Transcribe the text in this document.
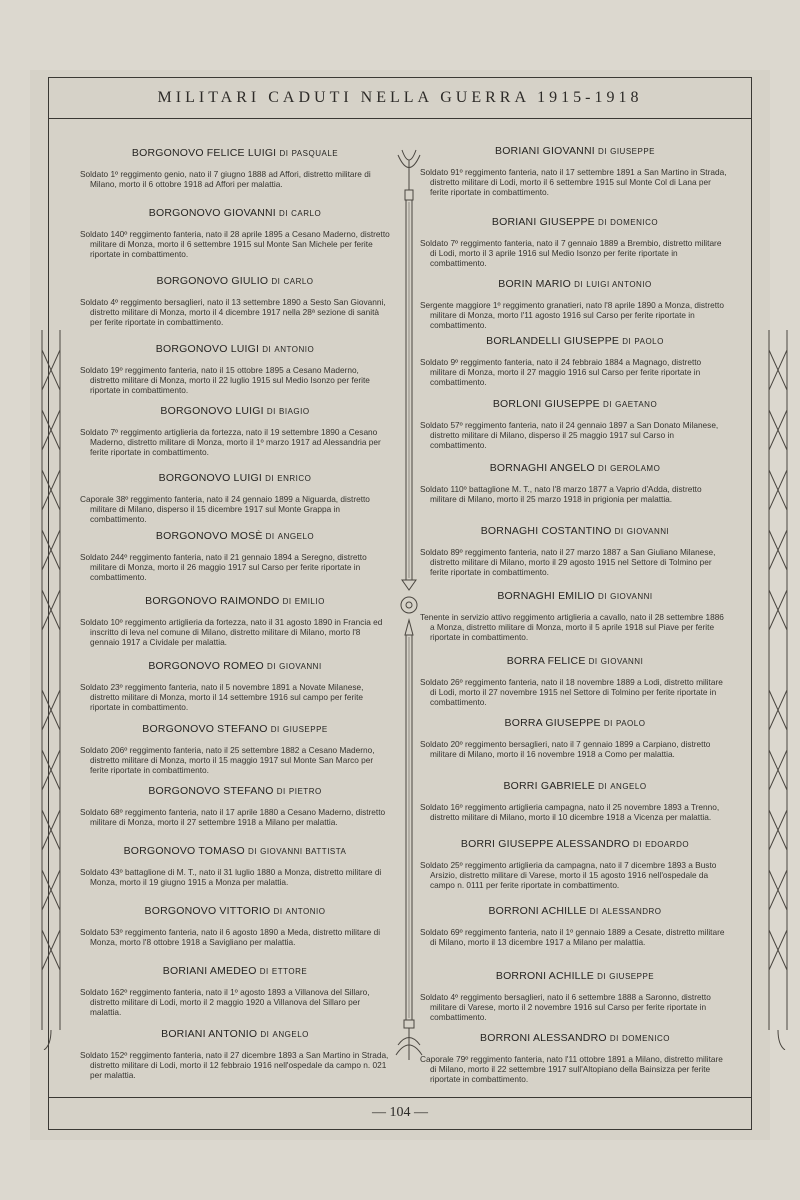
MILITARI CADUTI NELLA GUERRA 1915-1918
BORGONOVO FELICE LUIGI DI PASQUALE
Soldato 1º reggimento genio, nato il 7 giugno 1888 ad Affori, distretto militare di Milano, morto il 6 ottobre 1918 ad Affori per malattia.
BORGONOVO GIOVANNI DI CARLO
Soldato 140º reggimento fanteria, nato il 28 aprile 1895 a Cesano Maderno, distretto militare di Monza, morto il 6 settembre 1915 sul Monte San Michele per ferite riportate in combattimento.
BORGONOVO GIULIO DI CARLO
Soldato 4º reggimento bersaglieri, nato il 13 settembre 1890 a Sesto San Giovanni, distretto militare di Monza, morto il 4 dicembre 1917 nella 28ª sezione di sanità per ferite riportate in combattimento.
BORGONOVO LUIGI DI ANTONIO
Soldato 19º reggimento fanteria, nato il 15 ottobre 1895 a Cesano Maderno, distretto militare di Monza, morto il 22 luglio 1915 sul Medio Isonzo per ferite riportate in combattimento.
BORGONOVO LUIGI DI BIAGIO
Soldato 7º reggimento artiglieria da fortezza, nato il 19 settembre 1890 a Cesano Maderno, distretto militare di Monza, morto il 1º marzo 1917 ad Alessandria per ferite riportate in combattimento.
BORGONOVO LUIGI DI ENRICO
Caporale 38º reggimento fanteria, nato il 24 gennaio 1899 a Niguarda, distretto militare di Milano, disperso il 15 dicembre 1917 sul Monte Grappa in combattimento.
BORGONOVO MOSÈ DI ANGELO
Soldato 244º reggimento fanteria, nato il 21 gennaio 1894 a Seregno, distretto militare di Monza, morto il 26 maggio 1917 sul Carso per ferite riportate in combattimento.
BORGONOVO RAIMONDO DI EMILIO
Soldato 10º reggimento artiglieria da fortezza, nato il 31 agosto 1890 in Francia ed inscritto di leva nel comune di Milano, distretto militare di Milano, morto l'8 gennaio 1917 a Cividale per malattia.
BORGONOVO ROMEO DI GIOVANNI
Soldato 23º reggimento fanteria, nato il 5 novembre 1891 a Novate Milanese, distretto militare di Monza, morto il 14 settembre 1916 sul campo per ferite riportate in combattimento.
BORGONOVO STEFANO DI GIUSEPPE
Soldato 206º reggimento fanteria, nato il 25 settembre 1882 a Cesano Maderno, distretto militare di Monza, morto il 15 maggio 1917 sul Monte San Marco per ferite riportate in combattimento.
BORGONOVO STEFANO DI PIETRO
Soldato 68º reggimento fanteria, nato il 17 aprile 1880 a Cesano Maderno, distretto militare di Monza, morto il 27 settembre 1918 a Milano per malattia.
BORGONOVO TOMASO DI GIOVANNI BATTISTA
Soldato 43º battaglione di M. T., nato il 31 luglio 1880 a Monza, distretto militare di Monza, morto il 19 giugno 1915 a Monza per malattia.
BORGONOVO VITTORIO DI ANTONIO
Soldato 53º reggimento fanteria, nato il 6 agosto 1890 a Meda, distretto militare di Monza, morto l'8 ottobre 1918 a Savigliano per malattia.
BORIANI AMEDEO DI ETTORE
Soldato 162º reggimento fanteria, nato il 1º agosto 1893 a Villanova del Sillaro, distretto militare di Lodi, morto il 2 maggio 1920 a Villanova del Sillaro per malattia.
BORIANI ANTONIO DI ANGELO
Soldato 152º reggimento fanteria, nato il 27 dicembre 1893 a San Martino in Strada, distretto militare di Lodi, morto il 12 febbraio 1916 nell'ospedale da campo n. 021 per malattia.
BORIANI GIOVANNI DI GIUSEPPE
Soldato 91º reggimento fanteria, nato il 17 settembre 1891 a San Martino in Strada, distretto militare di Lodi, morto il 6 settembre 1915 sul Monte Col di Lana per ferite riportate in combattimento.
BORIANI GIUSEPPE DI DOMENICO
Soldato 7º reggimento fanteria, nato il 7 gennaio 1889 a Brembio, distretto militare di Lodi, morto il 3 aprile 1916 sul Medio Isonzo per ferite riportate in combattimento.
BORIN MARIO DI LUIGI ANTONIO
Sergente maggiore 1º reggimento granatieri, nato l'8 aprile 1890 a Monza, distretto militare di Monza, morto l'11 agosto 1916 sul Carso per ferite riportate in combattimento.
BORLANDELLI GIUSEPPE DI PAOLO
Soldato 9º reggimento fanteria, nato il 24 febbraio 1884 a Magnago, distretto militare di Monza, morto il 27 maggio 1916 sul Carso per ferite riportate in combattimento.
BORLONI GIUSEPPE DI GAETANO
Soldato 57º reggimento fanteria, nato il 24 gennaio 1897 a San Donato Milanese, distretto militare di Milano, disperso il 25 maggio 1917 sul Carso in combattimento.
BORNAGHI ANGELO DI GEROLAMO
Soldato 110º battaglione M. T., nato l'8 marzo 1877 a Vaprio d'Adda, distretto militare di Milano, morto il 25 marzo 1918 in prigionia per malattia.
BORNAGHI COSTANTINO DI GIOVANNI
Soldato 89º reggimento fanteria, nato il 27 marzo 1887 a San Giuliano Milanese, distretto militare di Milano, morto il 29 agosto 1915 nel Settore di Tolmino per ferite riportate in combattimento.
BORNAGHI EMILIO DI GIOVANNI
Tenente in servizio attivo reggimento artiglieria a cavallo, nato il 28 settembre 1886 a Monza, distretto militare di Monza, morto il 5 aprile 1918 sul Piave per ferite riportate in combattimento.
BORRA FELICE DI GIOVANNI
Soldato 26º reggimento fanteria, nato il 18 novembre 1889 a Lodi, distretto militare di Lodi, morto il 27 novembre 1915 nel Settore di Tolmino per ferite riportate in combattimento.
BORRA GIUSEPPE DI PAOLO
Soldato 20º reggimento bersaglieri, nato il 7 gennaio 1899 a Carpiano, distretto militare di Milano, morto il 16 novembre 1918 a Como per malattia.
BORRI GABRIELE DI ANGELO
Soldato 16º reggimento artiglieria campagna, nato il 25 novembre 1893 a Trenno, distretto militare di Milano, morto il 10 dicembre 1918 a Vicenza per malattia.
BORRI GIUSEPPE ALESSANDRO DI EDOARDO
Soldato 25º reggimento artiglieria da campagna, nato il 7 dicembre 1893 a Busto Arsizio, distretto militare di Varese, morto il 15 agosto 1916 nell'ospedale da campo n. 0111 per ferite riportate in combattimento.
BORRONI ACHILLE DI ALESSANDRO
Soldato 69º reggimento fanteria, nato il 1º gennaio 1889 a Cesate, distretto militare di Milano, morto il 13 dicembre 1917 a Milano per malattia.
BORRONI ACHILLE DI GIUSEPPE
Soldato 4º reggimento bersaglieri, nato il 6 settembre 1888 a Saronno, distretto militare di Varese, morto il 2 novembre 1916 sul Carso per ferite riportate in combattimento.
BORRONI ALESSANDRO DI DOMENICO
Caporale 79º reggimento fanteria, nato l'11 ottobre 1891 a Milano, distretto militare di Milano, morto il 22 settembre 1917 sull'Altopiano della Bainsizza per ferite riportate in combattimento.
— 104 —
